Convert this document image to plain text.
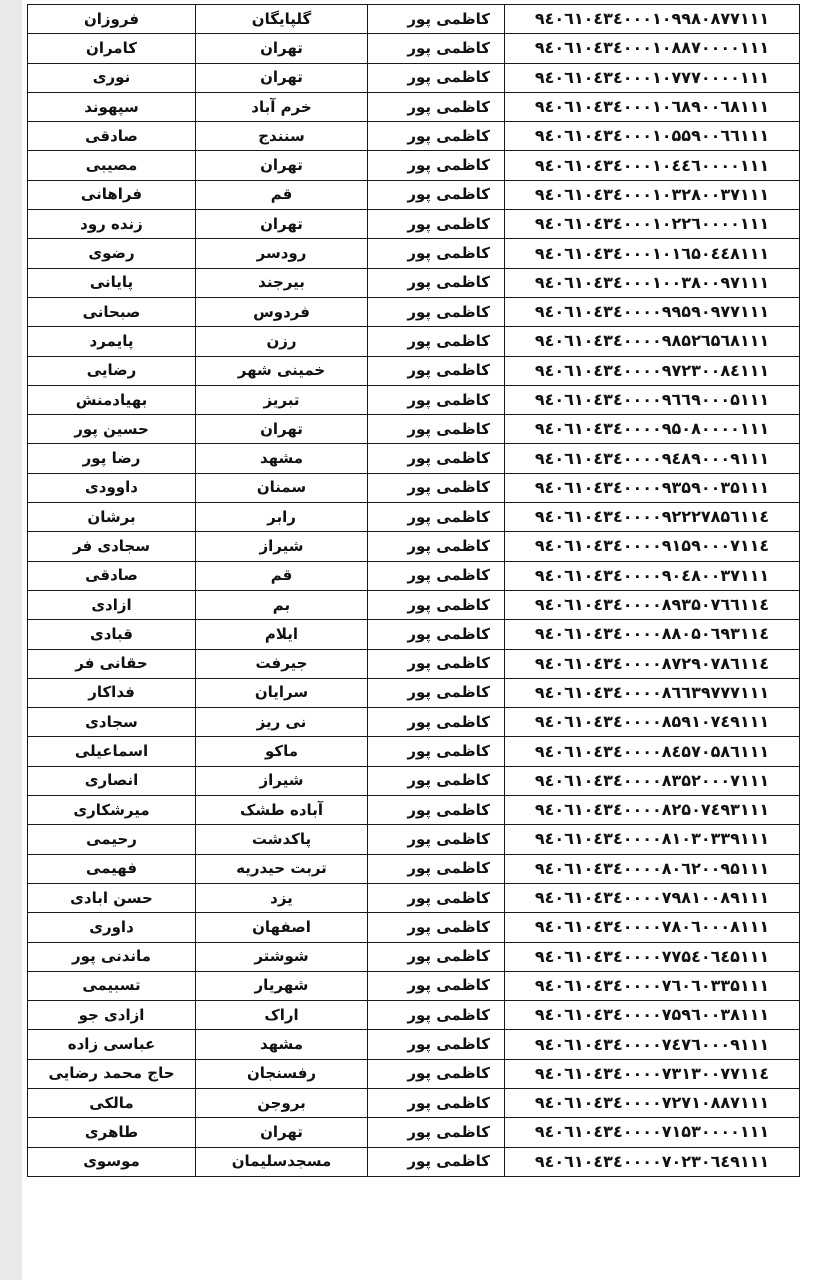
۹٤۰٦۱۰٤۳٤۰۰۰۱۰۹۹۸۰۸۷۷۱۱۱	کاظمی پور	گلپایگان	فروزان
۹٤۰٦۱۰٤۳٤۰۰۰۱۰۸۸۷۰۰۰۰۱۱۱	کاظمی پور	تهران	کامران
۹٤۰٦۱۰٤۳٤۰۰۰۱۰۷۷۷۰۰۰۰۱۱۱	کاظمی پور	تهران	نوری
۹٤۰٦۱۰٤۳٤۰۰۰۱۰٦۸۹۰۰٦۸۱۱۱	کاظمی پور	خرم آباد	سپهوند
۹٤۰٦۱۰٤۳٤۰۰۰۱۰۵۵۹۰۰٦٦۱۱۱	کاظمی پور	سنندج	صادقی
۹٤۰٦۱۰٤۳٤۰۰۰۱۰٤٤٦۰۰۰۰۱۱۱	کاظمی پور	تهران	مصیبی
۹٤۰٦۱۰٤۳٤۰۰۰۱۰۳۲۸۰۰۳۷۱۱۱	کاظمی پور	قم	فراهانی
۹٤۰٦۱۰٤۳٤۰۰۰۱۰۲۲٦۰۰۰۰۱۱۱	کاظمی پور	تهران	زنده رود
۹٤۰٦۱۰٤۳٤۰۰۰۱۰۱٦۵۰٤٤۸۱۱۱	کاظمی پور	رودسر	رضوی
۹٤۰٦۱۰٤۳٤۰۰۰۱۰۰۳۸۰۰۹۷۱۱۱	کاظمی پور	بیرجند	پایانی
۹٤۰٦۱۰٤۳٤۰۰۰۰۹۹۵۹۰۹۷۷۱۱۱	کاظمی پور	فردوس	صبحانی
۹٤۰٦۱۰٤۳٤۰۰۰۰۹۸۵۲٦۵٦۸۱۱۱	کاظمی پور	رزن	پایمرد
۹٤۰٦۱۰٤۳٤۰۰۰۰۹۷۲۳۰۰۸٤۱۱۱	کاظمی پور	خمینی شهر	رضایی
۹٤۰٦۱۰٤۳٤۰۰۰۰۹٦٦۹۰۰۰۵۱۱۱	کاظمی پور	تبریز	بهیادمنش
۹٤۰٦۱۰٤۳٤۰۰۰۰۹۵۰۸۰۰۰۰۱۱۱	کاظمی پور	تهران	حسین پور
۹٤۰٦۱۰٤۳٤۰۰۰۰۹٤۸۹۰۰۰۹۱۱۱	کاظمی پور	مشهد	رضا پور
۹٤۰٦۱۰٤۳٤۰۰۰۰۹۳۵۹۰۰۳۵۱۱۱	کاظمی پور	سمنان	داوودی
۹٤۰٦۱۰٤۳٤۰۰۰۰۹۲۲۲۷۸۵٦۱۱٤	کاظمی پور	رابر	برشان
۹٤۰٦۱۰٤۳٤۰۰۰۰۹۱۵۹۰۰۰۷۱۱٤	کاظمی پور	شیراز	سجادی فر
۹٤۰٦۱۰٤۳٤۰۰۰۰۹۰٤۸۰۰۳۷۱۱۱	کاظمی پور	قم	صادقی
۹٤۰٦۱۰٤۳٤۰۰۰۰۸۹۳۵۰۷٦٦۱۱٤	کاظمی پور	بم	ازادی
۹٤۰٦۱۰٤۳٤۰۰۰۰۸۸۰۵۰٦۹۳۱۱٤	کاظمی پور	ایلام	قبادی
۹٤۰٦۱۰٤۳٤۰۰۰۰۸۷۲۹۰۷۸٦۱۱٤	کاظمی پور	جیرفت	حقانی فر
۹٤۰٦۱۰٤۳٤۰۰۰۰۸٦٦۳۹۷۷۷۱۱۱	کاظمی پور	سرایان	فداکار
۹٤۰٦۱۰٤۳٤۰۰۰۰۸۵۹۱۰۷٤۹۱۱۱	کاظمی پور	نی ریز	سجادی
۹٤۰٦۱۰٤۳٤۰۰۰۰۸٤۵۷۰۵۸٦۱۱۱	کاظمی پور	ماکو	اسماعیلی
۹٤۰٦۱۰٤۳٤۰۰۰۰۸۳۵۲۰۰۰۷۱۱۱	کاظمی پور	شیراز	انصاری
۹٤۰٦۱۰٤۳٤۰۰۰۰۸۲۵۰۷٤۹۳۱۱۱	کاظمی پور	آباده طشک	میرشکاری
۹٤۰٦۱۰٤۳٤۰۰۰۰۸۱۰۳۰۳۳۹۱۱۱	کاظمی پور	پاکدشت	رحیمی
۹٤۰٦۱۰٤۳٤۰۰۰۰۸۰٦۲۰۰۹۵۱۱۱	کاظمی پور	تربت حیدریه	فهیمی
۹٤۰٦۱۰٤۳٤۰۰۰۰۷۹۸۱۰۰۸۹۱۱۱	کاظمی پور	یزد	حسن ابادی
۹٤۰٦۱۰٤۳٤۰۰۰۰۷۸۰٦۰۰۰۸۱۱۱	کاظمی پور	اصفهان	داوری
۹٤۰٦۱۰٤۳٤۰۰۰۰۷۷۵٤۰٦٤۵۱۱۱	کاظمی پور	شوشتر	ماندنی پور
۹٤۰٦۱۰٤۳٤۰۰۰۰۷٦۰٦۰۳۳۵۱۱۱	کاظمی پور	شهریار	تسبیمی
۹٤۰٦۱۰٤۳٤۰۰۰۰۷۵۹٦۰۰۳۸۱۱۱	کاظمی پور	اراک	ازادی جو
۹٤۰٦۱۰٤۳٤۰۰۰۰۷٤۷٦۰۰۰۹۱۱۱	کاظمی پور	مشهد	عباسی زاده
۹٤۰٦۱۰٤۳٤۰۰۰۰۷۳۱۳۰۰۷۷۱۱٤	کاظمی پور	رفسنجان	حاج محمد رضایی
۹٤۰٦۱۰٤۳٤۰۰۰۰۷۲۷۱۰۸۸۷۱۱۱	کاظمی پور	بروجن	مالکی
۹٤۰٦۱۰٤۳٤۰۰۰۰۷۱۵۳۰۰۰۰۱۱۱	کاظمی پور	تهران	طاهری
۹٤۰٦۱۰٤۳٤۰۰۰۰۷۰۲۳۰٦٤۹۱۱۱	کاظمی پور	مسجدسلیمان	موسوی
